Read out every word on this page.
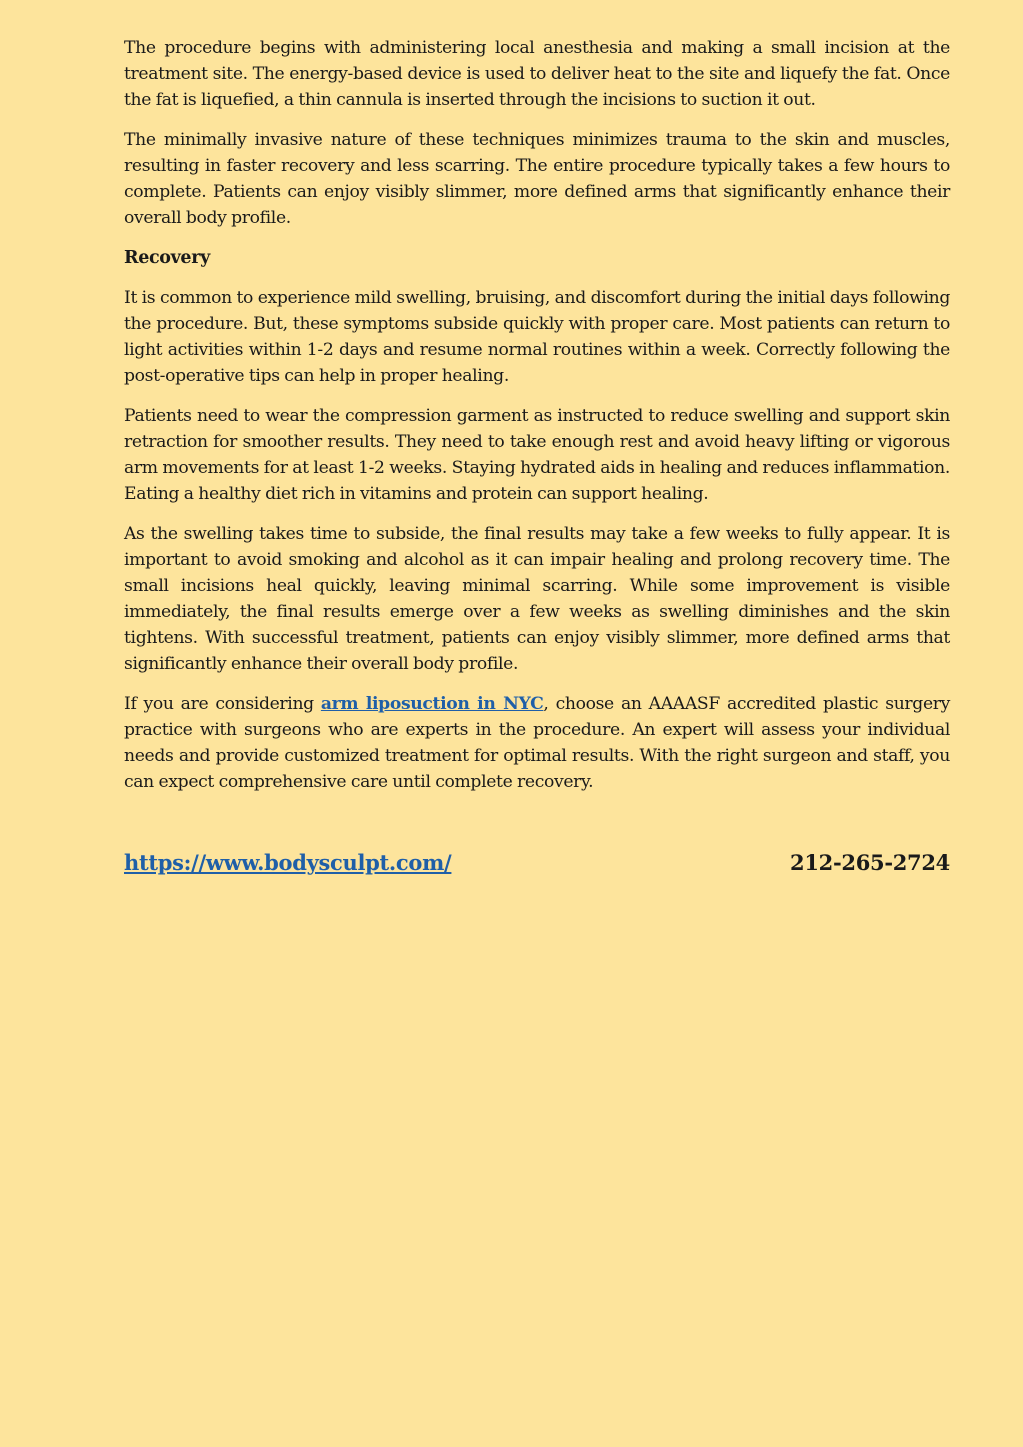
The procedure begins with administering local anesthesia and making a small incision at the treatment site. The energy-based device is used to deliver heat to the site and liquefy the fat. Once the fat is liquefied, a thin cannula is inserted through the incisions to suction it out.

The minimally invasive nature of these techniques minimizes trauma to the skin and muscles, resulting in faster recovery and less scarring. The entire procedure typically takes a few hours to complete. Patients can enjoy visibly slimmer, more defined arms that significantly enhance their overall body profile.

Recovery

It is common to experience mild swelling, bruising, and discomfort during the initial days following the procedure. But, these symptoms subside quickly with proper care. Most patients can return to light activities within 1-2 days and resume normal routines within a week. Correctly following the post-operative tips can help in proper healing.

Patients need to wear the compression garment as instructed to reduce swelling and support skin retraction for smoother results. They need to take enough rest and avoid heavy lifting or vigorous arm movements for at least 1-2 weeks. Staying hydrated aids in healing and reduces inflammation. Eating a healthy diet rich in vitamins and protein can support healing.

As the swelling takes time to subside, the final results may take a few weeks to fully appear. It is important to avoid smoking and alcohol as it can impair healing and prolong recovery time. The small incisions heal quickly, leaving minimal scarring. While some improvement is visible immediately, the final results emerge over a few weeks as swelling diminishes and the skin tightens. With successful treatment, patients can enjoy visibly slimmer, more defined arms that significantly enhance their overall body profile.

If you are considering arm liposuction in NYC, choose an AAAASF accredited plastic surgery practice with surgeons who are experts in the procedure. An expert will assess your individual needs and provide customized treatment for optimal results. With the right surgeon and staff, you can expect comprehensive care until complete recovery.

https://www.bodysculpt.com/	212-265-2724
